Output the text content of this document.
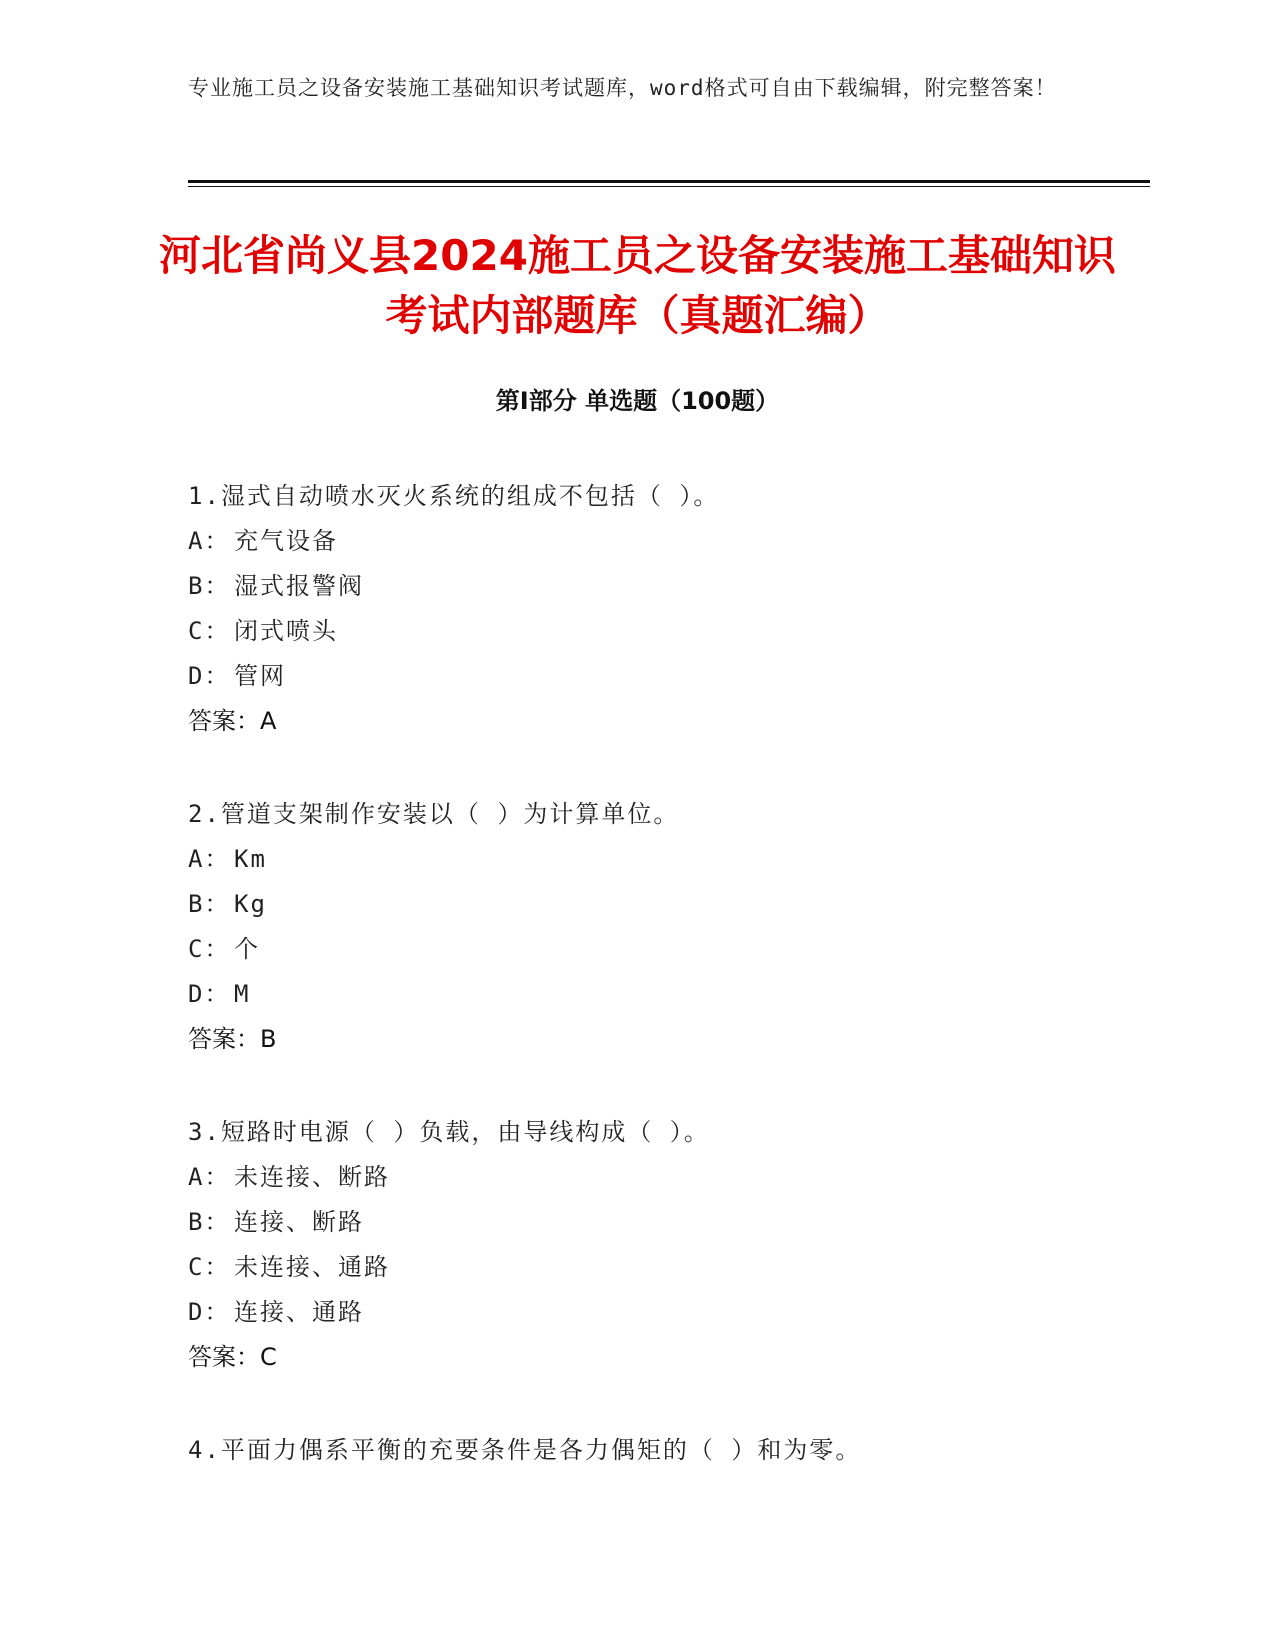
专业施工员之设备安装施工基础知识考试题库，word格式可自由下载编辑，附完整答案！
河北省尚义县2024施工员之设备安装施工基础知识考试内部题库（真题汇编）
第I部分 单选题（100题）
1.湿式自动喷水灭火系统的组成不包括（ ）。
A： 充气设备
B： 湿式报警阀
C： 闭式喷头
D： 管网
答案：A
2.管道支架制作安装以（ ）为计算单位。
A： Km
B： Kg
C： 个
D： M
答案：B
3.短路时电源（ ）负载，由导线构成（ ）。
A： 未连接、断路
B： 连接、断路
C： 未连接、通路
D： 连接、通路
答案：C
4.平面力偶系平衡的充要条件是各力偶矩的（ ）和为零。
